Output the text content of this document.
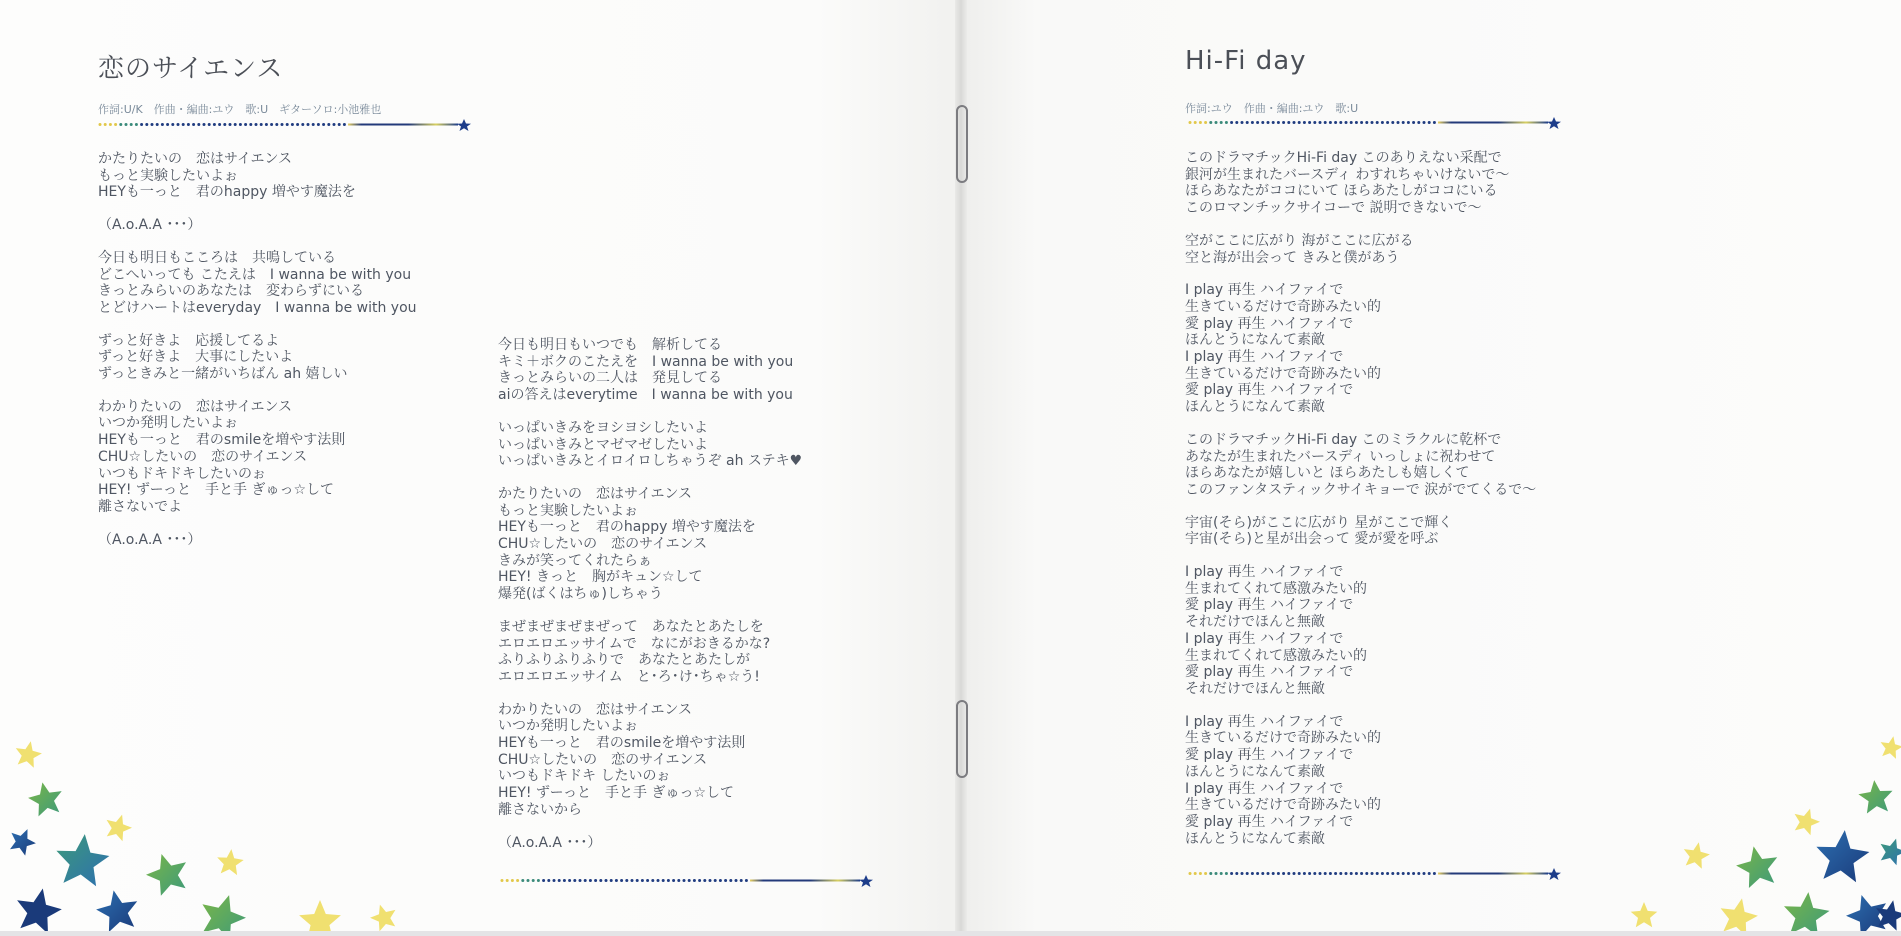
恋のサイエンス
作詞:U/K　作曲・編曲:ユウ　歌:U　ギターソロ:小池雅也
かたりたいの　恋はサイエンス
もっと実験したいよぉ
HEYも一っと　君のhappy 増やす魔法を
（A.o.A.A ･･･）
今日も明日もこころは　共鳴している
どこへいっても こたえは　I wanna be with you
きっとみらいのあなたは　変わらずにいる
とどけハートはeveryday　I wanna be with you
ずっと好きよ　応援してるよ
ずっと好きよ　大事にしたいよ
ずっときみと一緒がいちばん ah 嬉しい
わかりたいの　恋はサイエンス
いつか発明したいよぉ
HEYも一っと　君のsmileを増やす法則
CHU☆したいの　恋のサイエンス
いつもドキドキしたいのぉ
HEY! ずーっと　手と手 ぎゅっ☆して
離さないでよ
（A.o.A.A ･･･）
今日も明日もいつでも　解析してる
キミ＋ボクのこたえを　I wanna be with you
きっとみらいの二人は　発見してる
aiの答えはeverytime　I wanna be with you
いっぱいきみをヨシヨシしたいよ
いっぱいきみとマゼマゼしたいよ
いっぱいきみとイロイロしちゃうぞ ah ステキ♥
かたりたいの　恋はサイエンス
もっと実験したいよぉ
HEYも一っと　君のhappy 増やす魔法を
CHU☆したいの　恋のサイエンス
きみが笑ってくれたらぁ
HEY! きっと　胸がキュン☆して
爆発(ばくはちゅ)しちゃう
まぜまぜまぜまぜって　あなたとあたしを
エロエロエッサイムで　なにがおきるかな?
ふりふりふりふりで　あなたとあたしが
エロエロエッサイム　と･ろ･け･ちゃ☆う!
わかりたいの　恋はサイエンス
いつか発明したいよぉ
HEYも一っと　君のsmileを増やす法則
CHU☆したいの　恋のサイエンス
いつもドキドキ したいのぉ
HEY! ずーっと　手と手 ぎゅっ☆して
離さないから
（A.o.A.A ･･･）
Hi-Fi day
作詞:ユウ　作曲・編曲:ユウ　歌:U
このドラマチックHi-Fi day このありえない采配で
銀河が生まれたバースディ わすれちゃいけないで〜
ほらあなたがココにいて ほらあたしがココにいる
このロマンチックサイコーで 説明できないで〜
空がここに広がり 海がここに広がる
空と海が出会って きみと僕があう
I play 再生 ハイファイで
生きているだけで奇跡みたい的
愛 play 再生 ハイファイで
ほんとうになんて素敵
I play 再生 ハイファイで
生きているだけで奇跡みたい的
愛 play 再生 ハイファイで
ほんとうになんて素敵
このドラマチックHi-Fi day このミラクルに乾杯で
あなたが生まれたバースディ いっしょに祝わせて
ほらあなたが嬉しいと ほらあたしも嬉しくて
このファンタスティックサイキョーで 涙がでてくるで〜
宇宙(そら)がここに広がり 星がここで輝く
宇宙(そら)と星が出会って 愛が愛を呼ぶ
I play 再生 ハイファイで
生まれてくれて感激みたい的
愛 play 再生 ハイファイで
それだけでほんと無敵
I play 再生 ハイファイで
生まれてくれて感激みたい的
愛 play 再生 ハイファイで
それだけでほんと無敵
I play 再生 ハイファイで
生きているだけで奇跡みたい的
愛 play 再生 ハイファイで
ほんとうになんて素敵
I play 再生 ハイファイで
生きているだけで奇跡みたい的
愛 play 再生 ハイファイで
ほんとうになんて素敵
